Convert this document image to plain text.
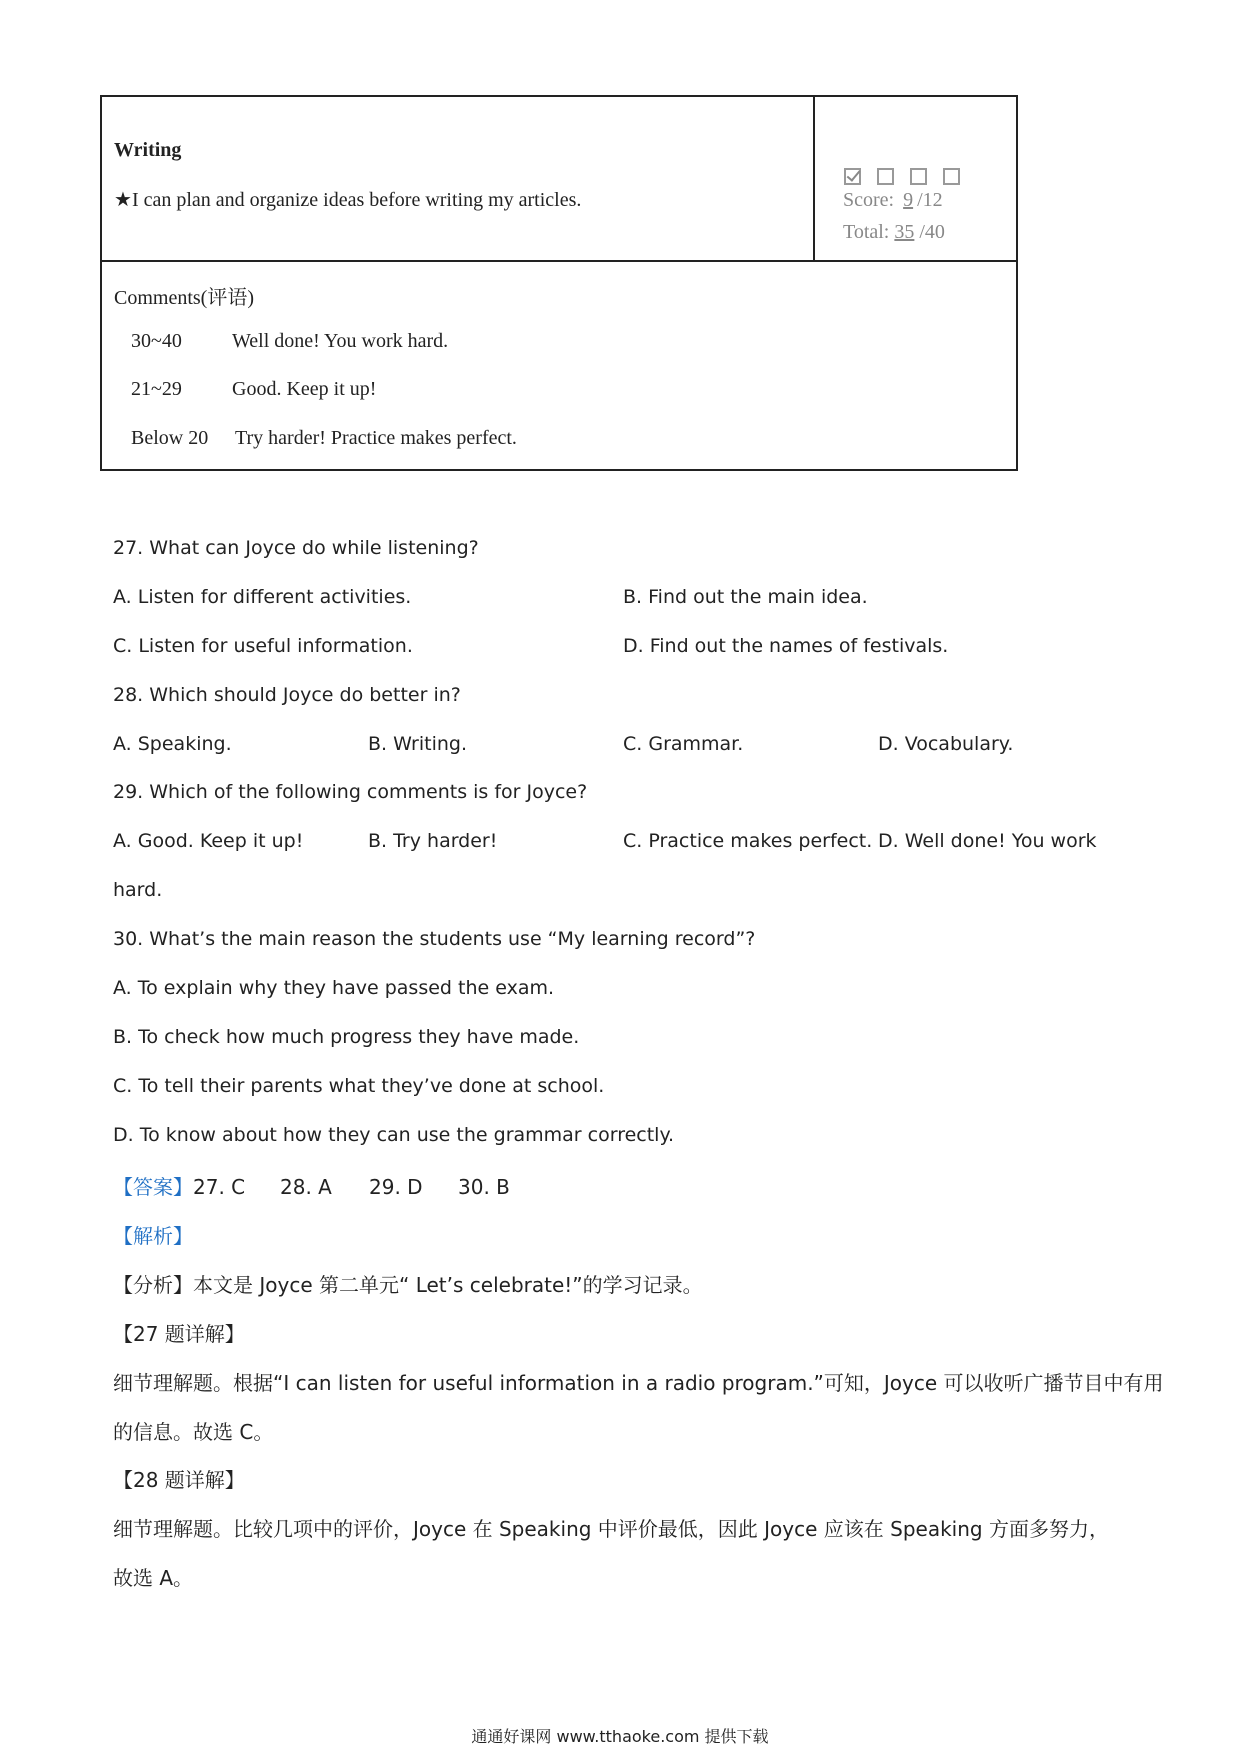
Writing
★I can plan and organize ideas before writing my articles.	Score: 9 /12
Total: 35 /40
Comments(评语)
30~40	Well done! You work hard.
21~29	Good. Keep it up!
Below 20 Try harder! Practice makes perfect.
27. What can Joyce do while listening?
A. Listen for different activities.	B. Find out the main idea.
C. Listen for useful information.	D. Find out the names of festivals.
28. Which should Joyce do better in?
A. Speaking.	B. Writing.	C. Grammar.	D. Vocabulary.
29. Which of the following comments is for Joyce?
A. Good. Keep it up!	B. Try harder!	C. Practice makes perfect. D. Well done! You work
hard.
30. What’s the main reason the students use “My learning record”?
A. To explain why they have passed the exam.
B. To check how much progress they have made.
C. To tell their parents what they’ve done at school.
D. To know about how they can use the grammar correctly.
【答案】27. C 28. A 29. D 30. B
【解析】
【分析】本文是 Joyce 第二单元“ Let’s celebrate!”的学习记录。
【27 题详解】
细节理解题。根据“I can listen for useful information in a radio program.”可知，Joyce 可以收听广播节目中有用
的信息。故选 C。
【28 题详解】
细节理解题。比较几项中的评价，Joyce 在 Speaking 中评价最低，因此 Joyce 应该在 Speaking 方面多努力，
故选 A。
通通好课网 www.tthaoke.com 提供下载
